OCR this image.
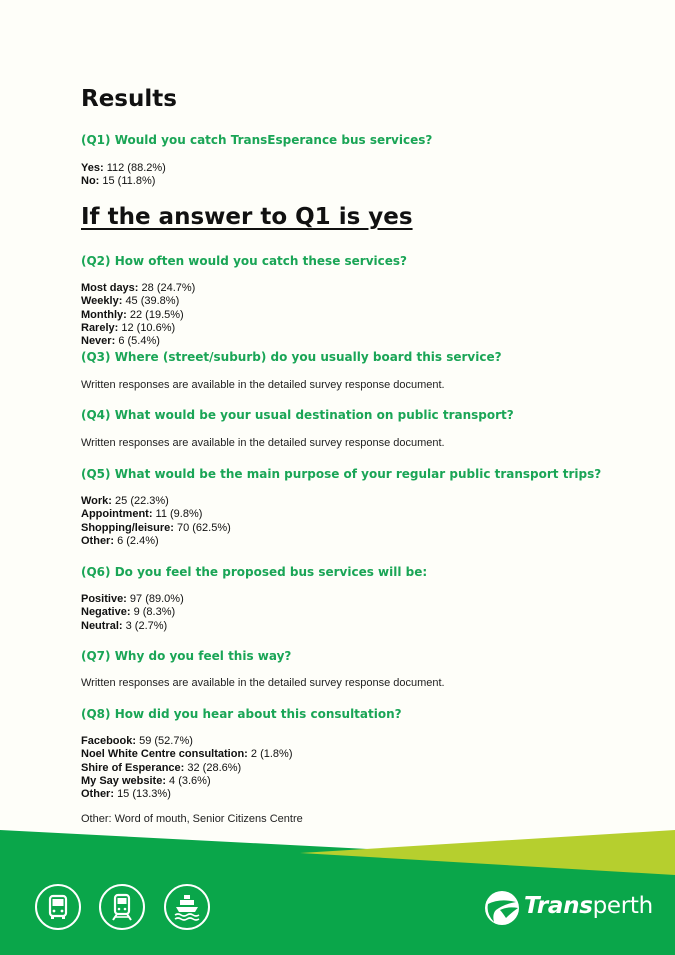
Results
(Q1) Would you catch TransEsperance bus services?
Yes: 112 (88.2%)
No: 15 (11.8%)
If the answer to Q1 is yes
(Q2) How often would you catch these services?
Most days: 28 (24.7%)
Weekly: 45 (39.8%)
Monthly: 22 (19.5%)
Rarely: 12 (10.6%)
Never: 6 (5.4%)
(Q3) Where (street/suburb) do you usually board this service?

Written responses are available in the detailed survey response document.

(Q4) What would be your usual destination on public transport?

Written responses are available in the detailed survey response document.

(Q5) What would be the main purpose of your regular public transport trips?
Work: 25 (22.3%)
Appointment: 11 (9.8%)
Shopping/leisure: 70 (62.5%)
Other: 6 (2.4%)
(Q6) Do you feel the proposed bus services will be:
Positive: 97 (89.0%)
Negative: 9 (8.3%)
Neutral: 3 (2.7%)
(Q7) Why do you feel this way?

Written responses are available in the detailed survey response document.

(Q8) How did you hear about this consultation?
Facebook: 59 (52.7%)
Noel White Centre consultation: 2 (1.8%)
Shire of Esperance: 32 (28.6%)
My Say website: 4 (3.6%)
Other: 15 (13.3%)

Other: Word of mouth, Senior Citizens Centre

Transperth
